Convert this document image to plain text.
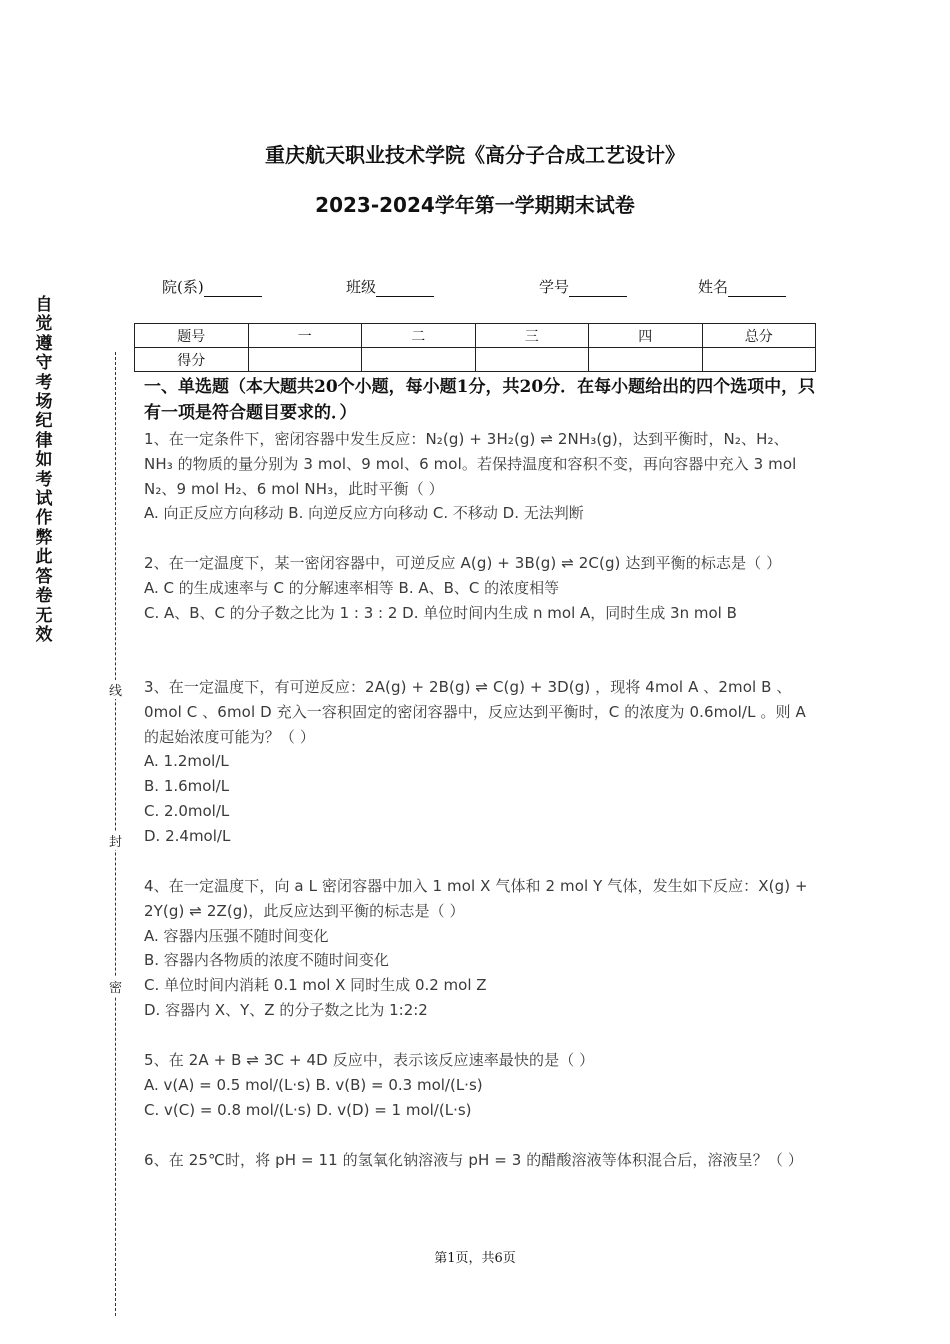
重庆航天职业技术学院《高分子合成工艺设计》
2023-2024学年第一学期期末试卷
院(系)	班级	学号	姓名
题号	一	二	三	四	总分
得分					
自觉遵守考场纪律如考试作弊此答卷无效
线
封
密
一、单选题（本大题共20个小题，每小题1分，共20分．在每小题给出的四个选项中，只有一项是符合题目要求的．）

1、在一定条件下，密闭容器中发生反应：N₂(g) + 3H₂(g) ⇌ 2NH₃(g)，达到平衡时，N₂、H₂、NH₃ 的物质的量分别为 3 mol、9 mol、6 mol。若保持温度和容积不变，再向容器中充入 3 mol N₂、9 mol H₂、6 mol NH₃，此时平衡（ ）

A. 向正反应方向移动 B. 向逆反应方向移动 C. 不移动 D. 无法判断

2、在一定温度下，某一密闭容器中，可逆反应 A(g) + 3B(g) ⇌ 2C(g) 达到平衡的标志是（ ）

A. C 的生成速率与 C 的分解速率相等 B. A、B、C 的浓度相等

C. A、B、C 的分子数之比为 1 : 3 : 2 D. 单位时间内生成 n mol A，同时生成 3n mol B

3、在一定温度下，有可逆反应：2A(g) + 2B(g) ⇌ C(g) + 3D(g) ，现将 4mol A 、2mol B 、0mol C 、6mol D 充入一容积固定的密闭容器中，反应达到平衡时，C 的浓度为 0.6mol/L 。则 A 的起始浓度可能为？（ ）

A. 1.2mol/L

B. 1.6mol/L

C. 2.0mol/L

D. 2.4mol/L

4、在一定温度下，向 a L 密闭容器中加入 1 mol X 气体和 2 mol Y 气体，发生如下反应：X(g) + 2Y(g) ⇌ 2Z(g)，此反应达到平衡的标志是（ ）

A. 容器内压强不随时间变化

B. 容器内各物质的浓度不随时间变化

C. 单位时间内消耗 0.1 mol X 同时生成 0.2 mol Z

D. 容器内 X、Y、Z 的分子数之比为 1:2:2

5、在 2A + B ⇌ 3C + 4D 反应中，表示该反应速率最快的是（ ）

A. v(A) = 0.5 mol/(L·s) B. v(B) = 0.3 mol/(L·s)

C. v(C) = 0.8 mol/(L·s) D. v(D) = 1 mol/(L·s)

6、在 25℃时，将 pH = 11 的氢氧化钠溶液与 pH = 3 的醋酸溶液等体积混合后，溶液呈？（ ）

第1页，共6页
